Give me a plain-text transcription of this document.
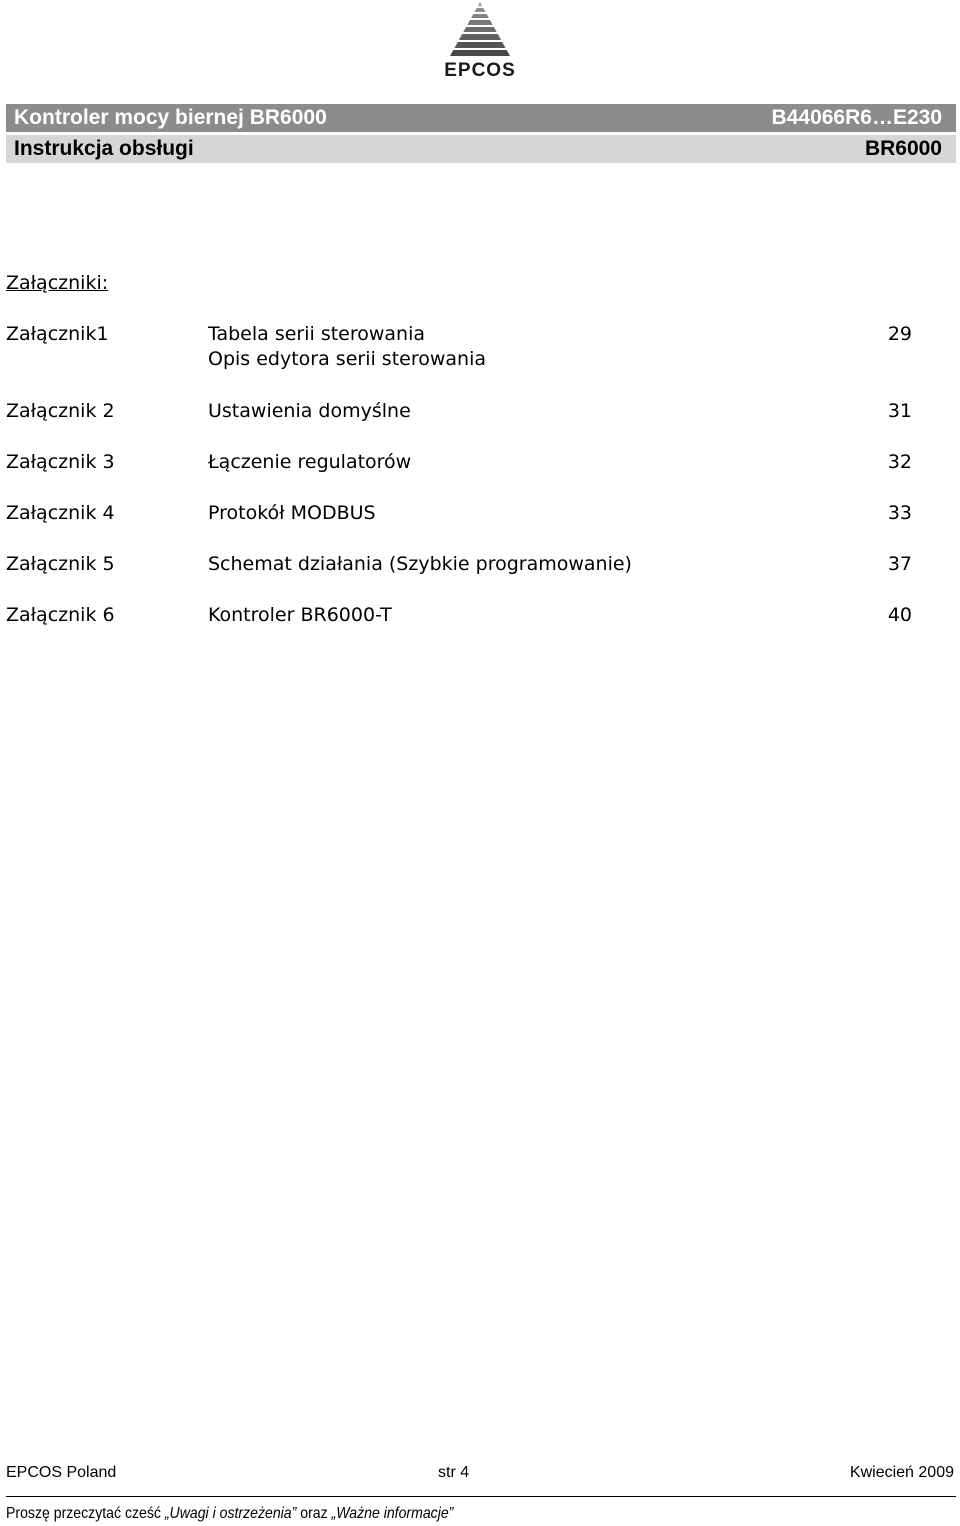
EPCOS
Kontroler mocy biernej BR6000	B44066R6…E230
Instrukcja obsługi	BR6000
Załączniki:
Załącznik1	Tabela serii sterowania	29
Opis edytora serii sterowania
Załącznik 2	Ustawienia domyślne	31
Załącznik 3	Łączenie regulatorów	32
Załącznik 4	Protokół MODBUS	33
Załącznik 5	Schemat działania (Szybkie programowanie)	37
Załącznik 6	Kontroler BR6000-T	40
EPCOS Poland	str 4	Kwiecień 2009
Proszę przeczytać cześć „Uwagi i ostrzeżenia” oraz „Ważne informacje”
